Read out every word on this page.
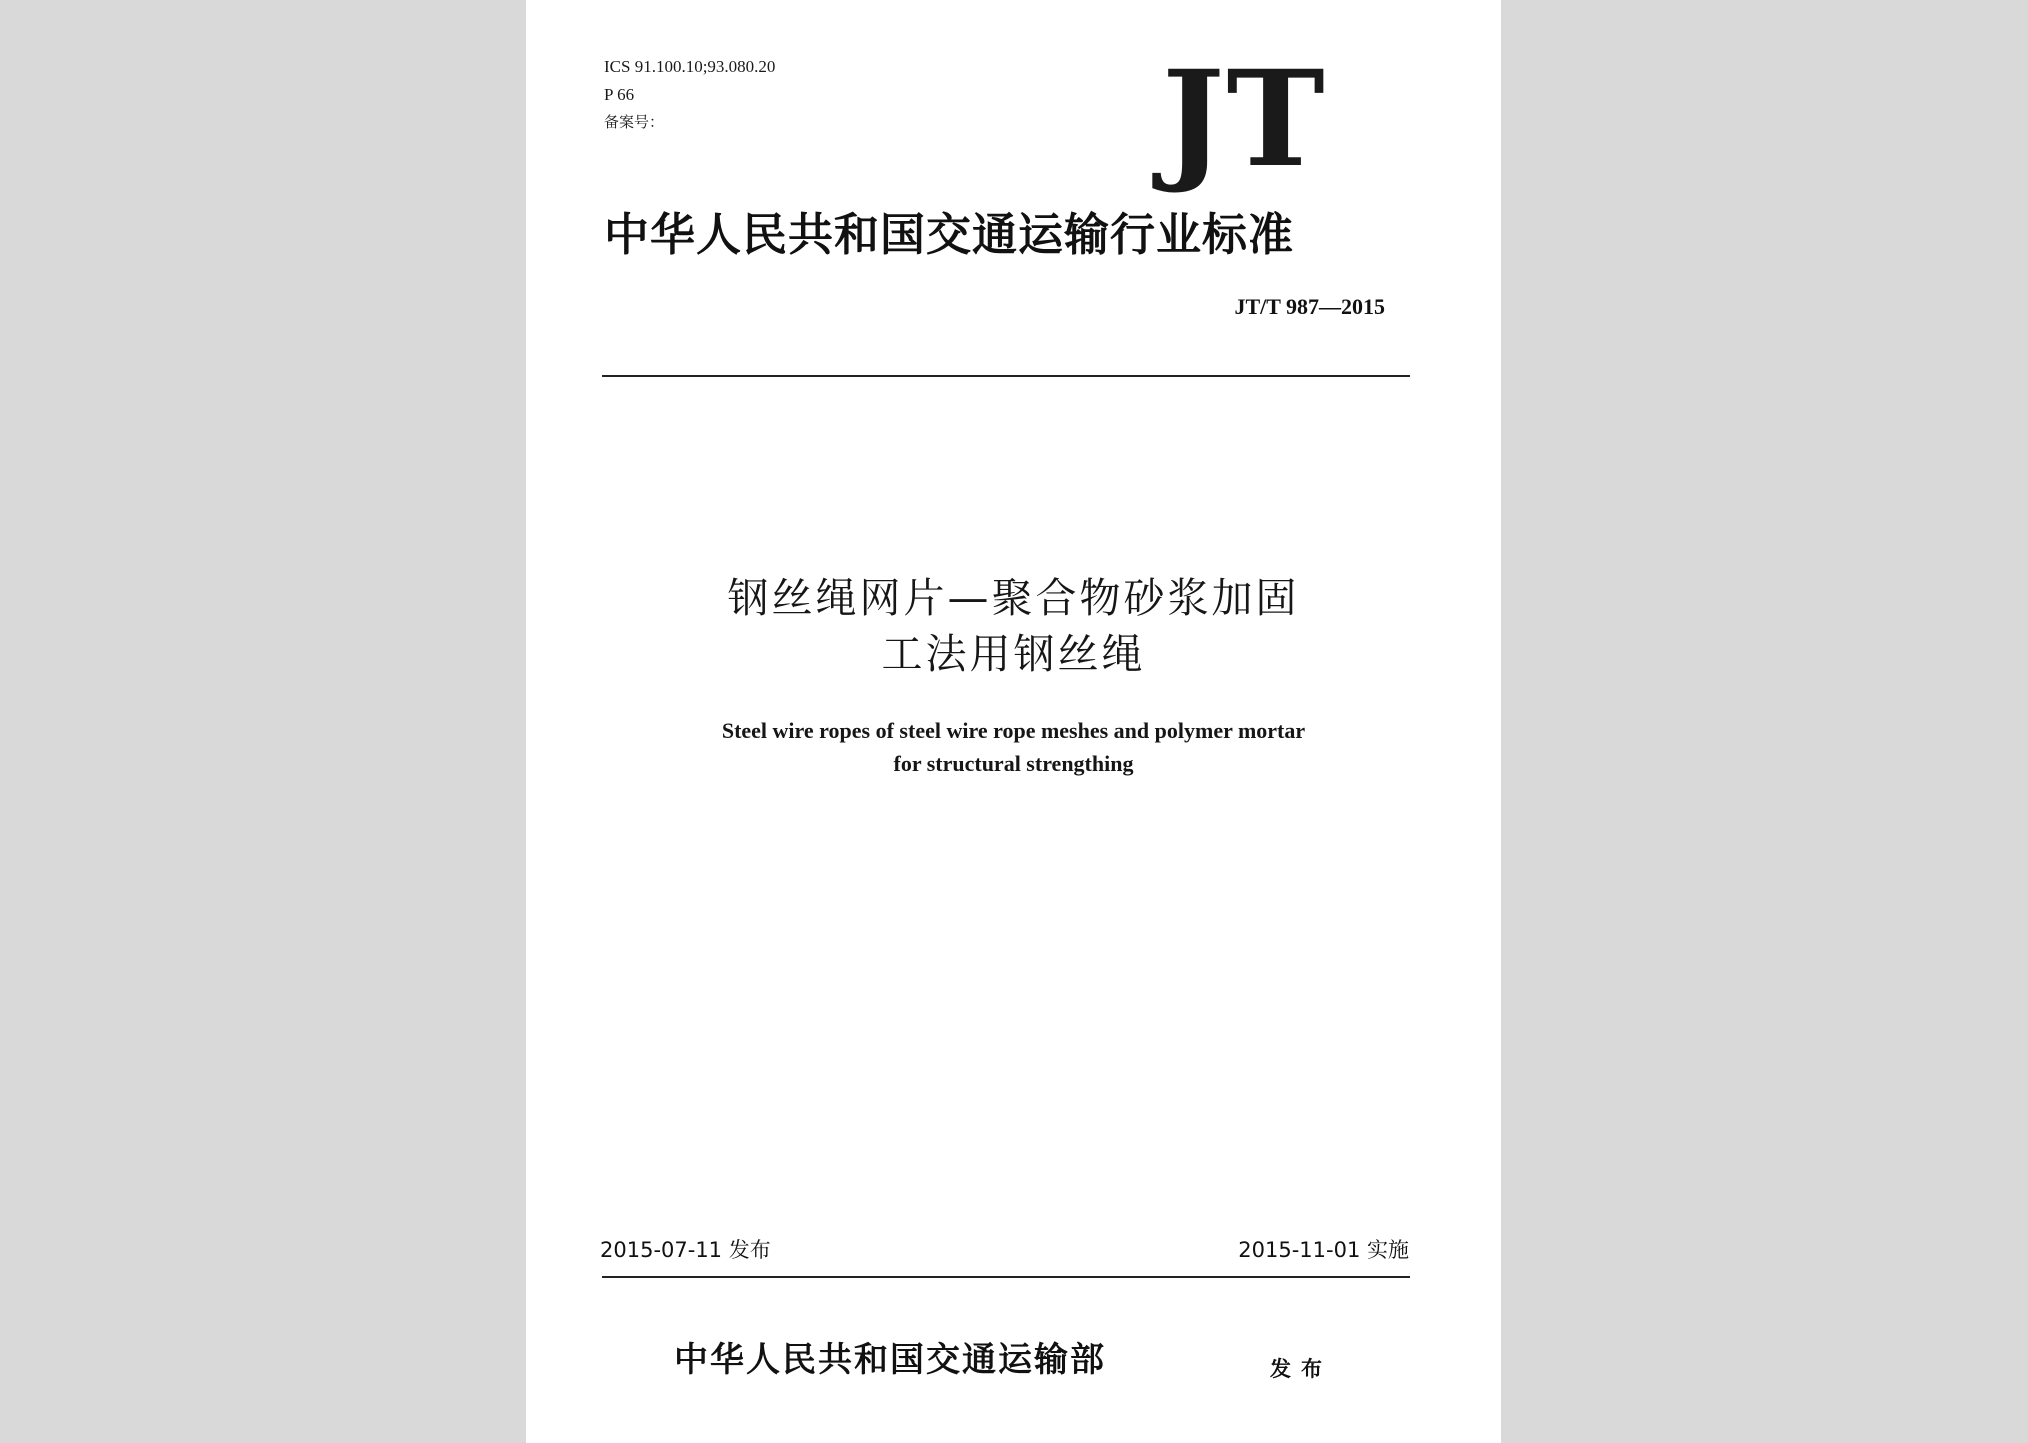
ICS 91.100.10;93.080.20
P 66
备案号：	JT
中华人民共和国交通运输行业标准
JT/T 987—2015
钢丝绳网片—聚合物砂浆加固
工法用钢丝绳
Steel wire ropes of steel wire rope meshes and polymer mortar
for structural strengthing
2015-07-11 发布	2015-11-01 实施
中华人民共和国交通运输部	发布
